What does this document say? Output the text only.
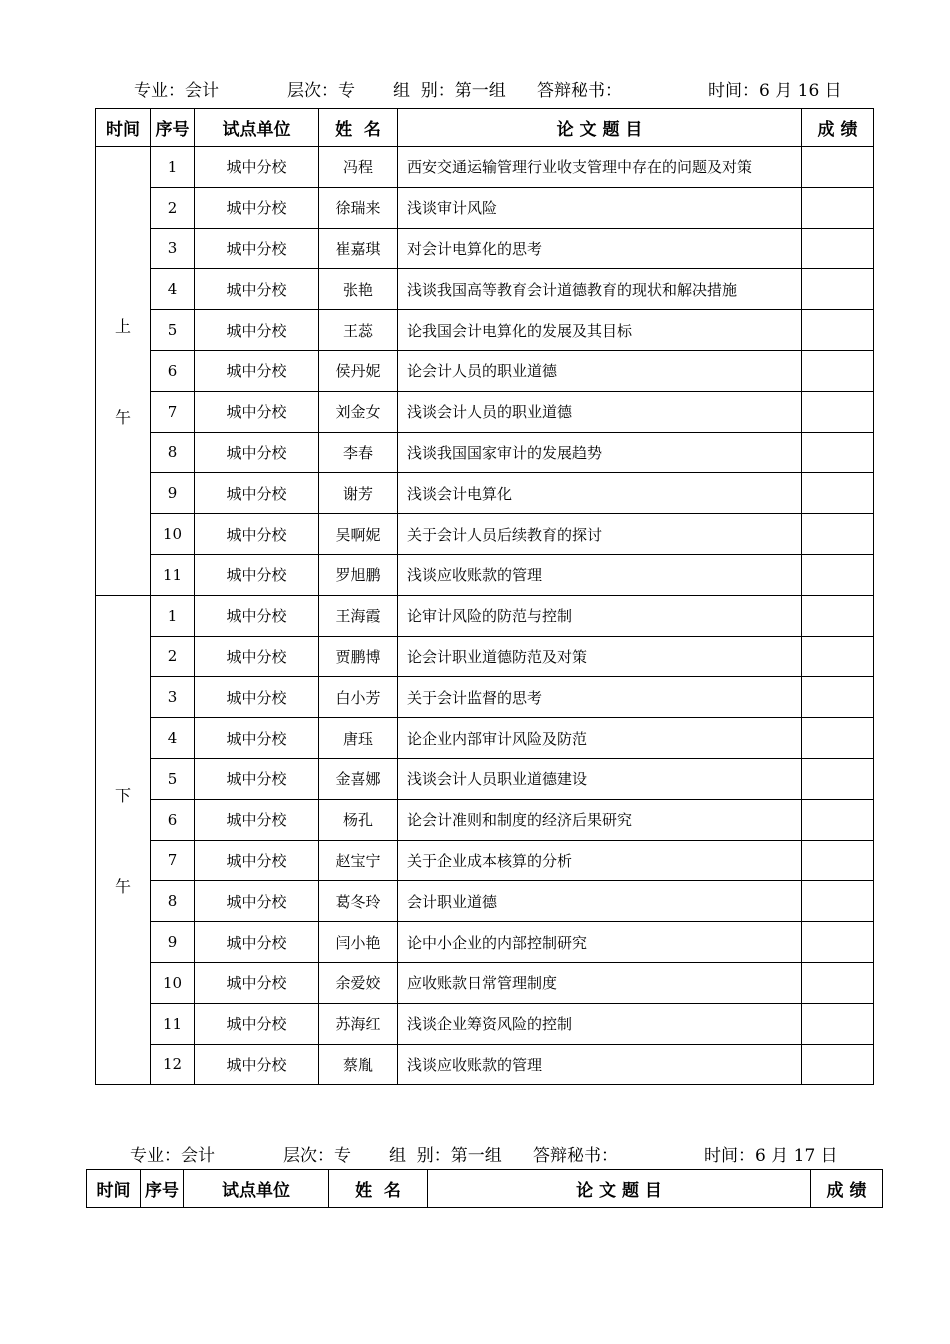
专业：会计	层次：专 组  别：第一组 答辩秘书：	时间：6 月 16 日
时间	序号	试点单位	姓  名	论 文 题 目	成 绩

上
午	1	城中分校	冯程	西安交通运输管理行业收支管理中存在的问题及对策	
	2	城中分校	徐瑞来	浅谈审计风险	
	3	城中分校	崔嘉琪	对会计电算化的思考	
	4	城中分校	张艳	浅谈我国高等教育会计道德教育的现状和解决措施	
	5	城中分校	王蕊	论我国会计电算化的发展及其目标	
	6	城中分校	侯丹妮	论会计人员的职业道德	
	7	城中分校	刘金女	浅谈会计人员的职业道德	
	8	城中分校	李春	浅谈我国国家审计的发展趋势	
	9	城中分校	谢芳	浅谈会计电算化	
	10	城中分校	吴啊妮	关于会计人员后续教育的探讨	
	11	城中分校	罗旭鹏	浅谈应收账款的管理	

下
午	1	城中分校	王海霞	论审计风险的防范与控制	
	2	城中分校	贾鹏博	论会计职业道德防范及对策	
	3	城中分校	白小芳	关于会计监督的思考	
	4	城中分校	唐珏	论企业内部审计风险及防范	
	5	城中分校	金喜娜	浅谈会计人员职业道德建设	
	6	城中分校	杨孔	论会计准则和制度的经济后果研究	
	7	城中分校	赵宝宁	关于企业成本核算的分析	
	8	城中分校	葛冬玲	会计职业道德	
	9	城中分校	闫小艳	论中小企业的内部控制研究	
	10	城中分校	余爱姣	应收账款日常管理制度	
	11	城中分校	苏海红	浅谈企业筹资风险的控制	
	12	城中分校	蔡胤	浅谈应收账款的管理	
专业：会计	层次：专 组  别：第一组 答辩秘书：	时间：6 月 17 日
时间	序号	试点单位	姓  名	论 文 题 目	成 绩
